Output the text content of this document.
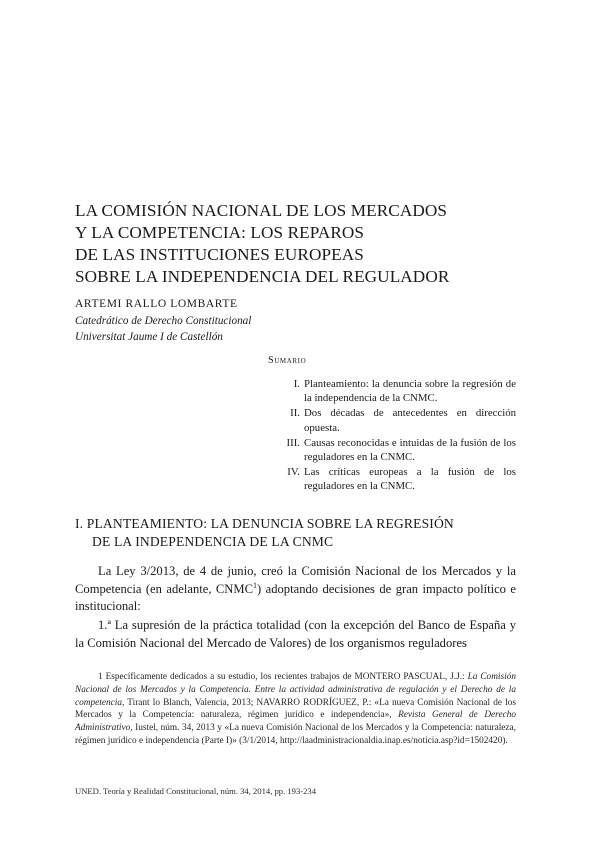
LA COMISIÓN NACIONAL DE LOS MERCADOS
Y LA COMPETENCIA: LOS REPAROS
DE LAS INSTITUCIONES EUROPEAS
SOBRE LA INDEPENDENCIA DEL REGULADOR
ARTEMI RALLO LOMBARTE
Catedrático de Derecho Constitucional
Universitat Jaume I de Castellón
Sumario
I. Planteamiento: la denuncia sobre la regresión de la independencia de la CNMC.
II. Dos décadas de antecedentes en dirección opuesta.
III. Causas reconocidas e intuidas de la fusión de los reguladores en la CNMC.
IV. Las críticas europeas a la fusión de los reguladores en la CNMC.
I. PLANTEAMIENTO: LA DENUNCIA SOBRE LA REGRESIÓN
DE LA INDEPENDENCIA DE LA CNMC
La Ley 3/2013, de 4 de junio, creó la Comisión Nacional de los Mercados y la Competencia (en adelante, CNMC$^1$) adoptando decisiones de gran impacto político e institucional:
1.ª La supresión de la práctica totalidad (con la excepción del Banco de España y la Comisión Nacional del Mercado de Valores) de los organismos reguladores
1 Específicamente dedicados a su estudio, los recientes trabajos de MONTERO PASCUAL, J.J.: La Comisión Nacional de los Mercados y la Competencia. Entre la actividad administrativa de regulación y el Derecho de la competencia, Tirant lo Blanch, Valencia, 2013; NAVARRO RODRÍGUEZ, P.: «La nueva Comisión Nacional de los Mercados y la Competencia: naturaleza, régimen jurídico e independencia», Revista General de Derecho Administrativo, Iustel, núm. 34, 2013 y «La nueva Comisión Nacional de los Mercados y la Competencia: naturaleza, régimen jurídico e independencia (Parte I)» (3/1/2014, http://laadministracionaldia.inap.es/noticia.asp?id=1502420).
UNED. Teoría y Realidad Constitucional, núm. 34, 2014, pp. 193-234
